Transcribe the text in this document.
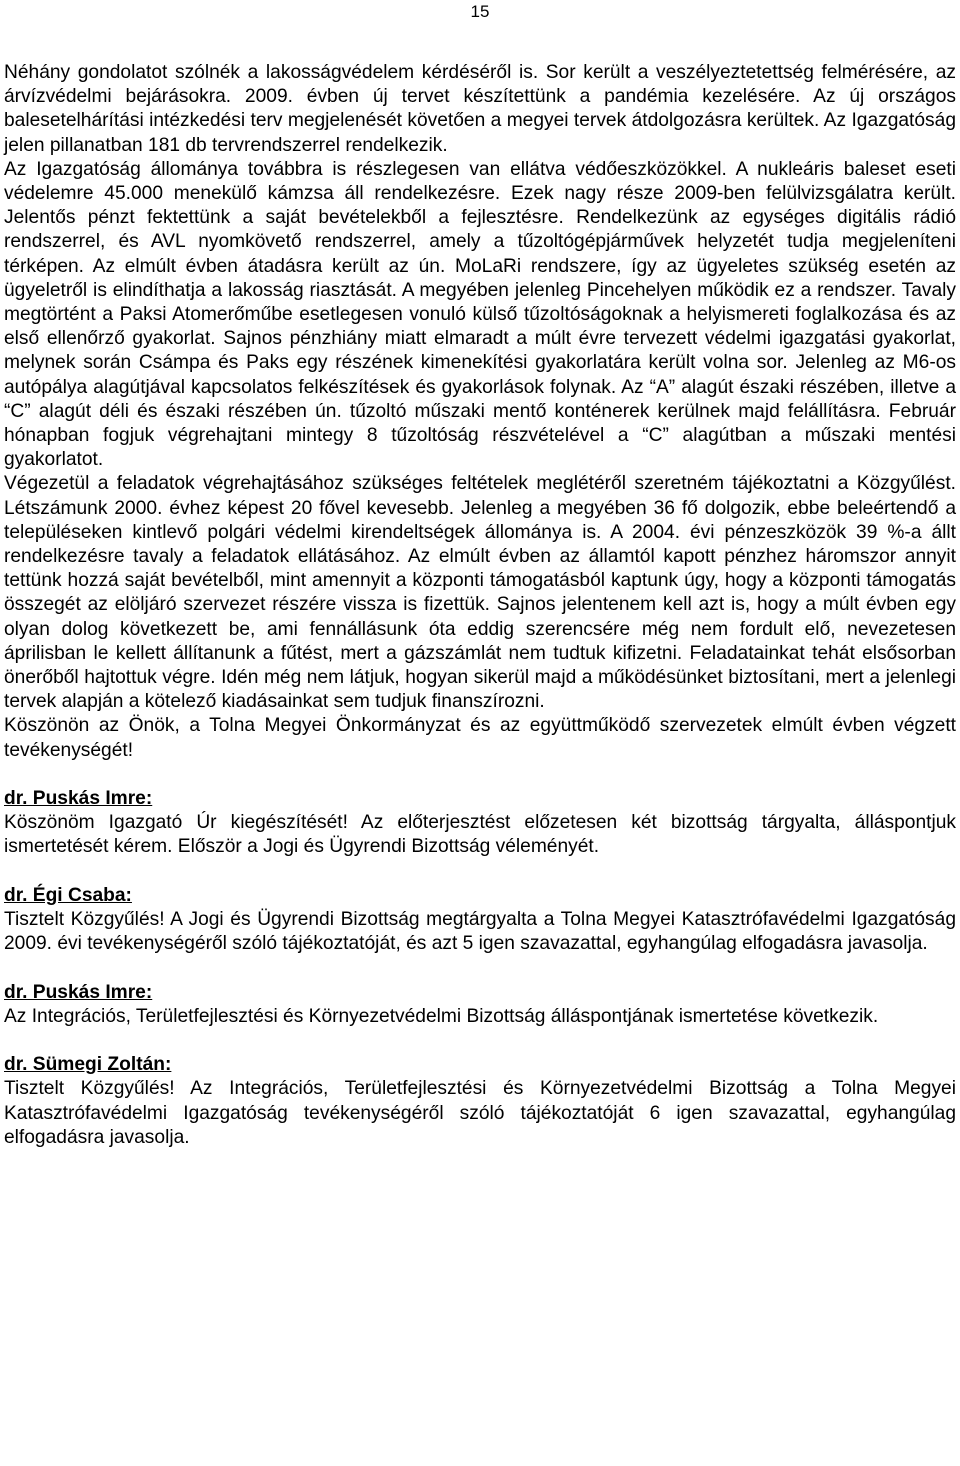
15

Néhány gondolatot szólnék a lakosságvédelem kérdéséről is. Sor került a veszélyeztetettség felmérésére, az árvízvédelmi bejárásokra. 2009. évben új tervet készítettünk a pandémia kezelésére. Az új országos balesetelhárítási intézkedési terv megjelenését követően a megyei tervek átdolgozásra kerültek. Az Igazgatóság jelen pillanatban 181 db tervrendszerrel rendelkezik.

Az Igazgatóság állománya továbbra is részlegesen van ellátva védőeszközökkel. A nukleáris baleset eseti védelemre 45.000 menekülő kámzsa áll rendelkezésre. Ezek nagy része 2009-ben felülvizsgálatra került. Jelentős pénzt fektettünk a saját bevételekből a fejlesztésre. Rendelkezünk az egységes digitális rádió rendszerrel, és AVL nyomkövető rendszerrel, amely a tűzoltógépjárművek helyzetét tudja megjeleníteni térképen. Az elmúlt évben átadásra került az ún. MoLaRi rendszere, így az ügyeletes szükség esetén az ügyeletről is elindíthatja a lakosság riasztását. A megyében jelenleg Pincehelyen működik ez a rendszer. Tavaly megtörtént a Paksi Atomerőműbe esetlegesen vonuló külső tűzoltóságoknak a helyismereti foglalkozása és az első ellenőrző gyakorlat. Sajnos pénzhiány miatt elmaradt a múlt évre tervezett védelmi igazgatási gyakorlat, melynek során Csámpa és Paks egy részének kimenekítési gyakorlatára került volna sor. Jelenleg az M6-os autópálya alagútjával kapcsolatos felkészítések és gyakorlások folynak. Az “A” alagút északi részében, illetve a “C” alagút déli és északi részében ún. tűzoltó műszaki mentő konténerek kerülnek majd felállításra. Február hónapban fogjuk végrehajtani mintegy 8 tűzoltóság részvételével a “C” alagútban a műszaki mentési gyakorlatot.

Végezetül a feladatok végrehajtásához szükséges feltételek meglétéről szeretném tájékoztatni a Közgyűlést. Létszámunk 2000. évhez képest 20 fővel kevesebb. Jelenleg a megyében 36 fő dolgozik, ebbe beleértendő a településeken kintlevő polgári védelmi kirendeltségek állománya is. A 2004. évi pénzeszközök 39 %-a állt rendelkezésre tavaly a feladatok ellátásához. Az elmúlt évben az államtól kapott pénzhez háromszor annyit tettünk hozzá saját bevételből, mint amennyit a központi támogatásból kaptunk úgy, hogy a központi támogatás összegét az elöljáró szervezet részére vissza is fizettük. Sajnos jelentenem kell azt is, hogy a múlt évben egy olyan dolog következett be, ami fennállásunk óta eddig szerencsére még nem fordult elő, nevezetesen áprilisban le kellett állítanunk a fűtést, mert a gázszámlát nem tudtuk kifizetni. Feladatainkat tehát elsősorban önerőből hajtottuk végre. Idén még nem látjuk, hogyan sikerül majd a működésünket biztosítani, mert a jelenlegi tervek alapján a kötelező kiadásainkat sem tudjuk finanszírozni.

Köszönön az Önök, a Tolna Megyei Önkormányzat és az együttműködő szervezetek elmúlt évben végzett tevékenységét!

dr. Puskás Imre:

Köszönöm Igazgató Úr kiegészítését! Az előterjesztést előzetesen két bizottság tárgyalta, álláspontjuk ismertetését kérem. Először a Jogi és Ügyrendi Bizottság véleményét.

dr. Égi Csaba:

Tisztelt Közgyűlés! A Jogi és Ügyrendi Bizottság megtárgyalta a Tolna Megyei Katasztrófavédelmi Igazgatóság 2009. évi tevékenységéről szóló tájékoztatóját, és azt 5 igen szavazattal, egyhangúlag elfogadásra javasolja.

dr. Puskás Imre:

Az Integrációs, Területfejlesztési és Környezetvédelmi Bizottság álláspontjának ismertetése következik.

dr. Sümegi Zoltán:

Tisztelt Közgyűlés! Az Integrációs, Területfejlesztési és Környezetvédelmi Bizottság a Tolna Megyei Katasztrófavédelmi Igazgatóság tevékenységéről szóló tájékoztatóját 6 igen szavazattal, egyhangúlag elfogadásra javasolja.
